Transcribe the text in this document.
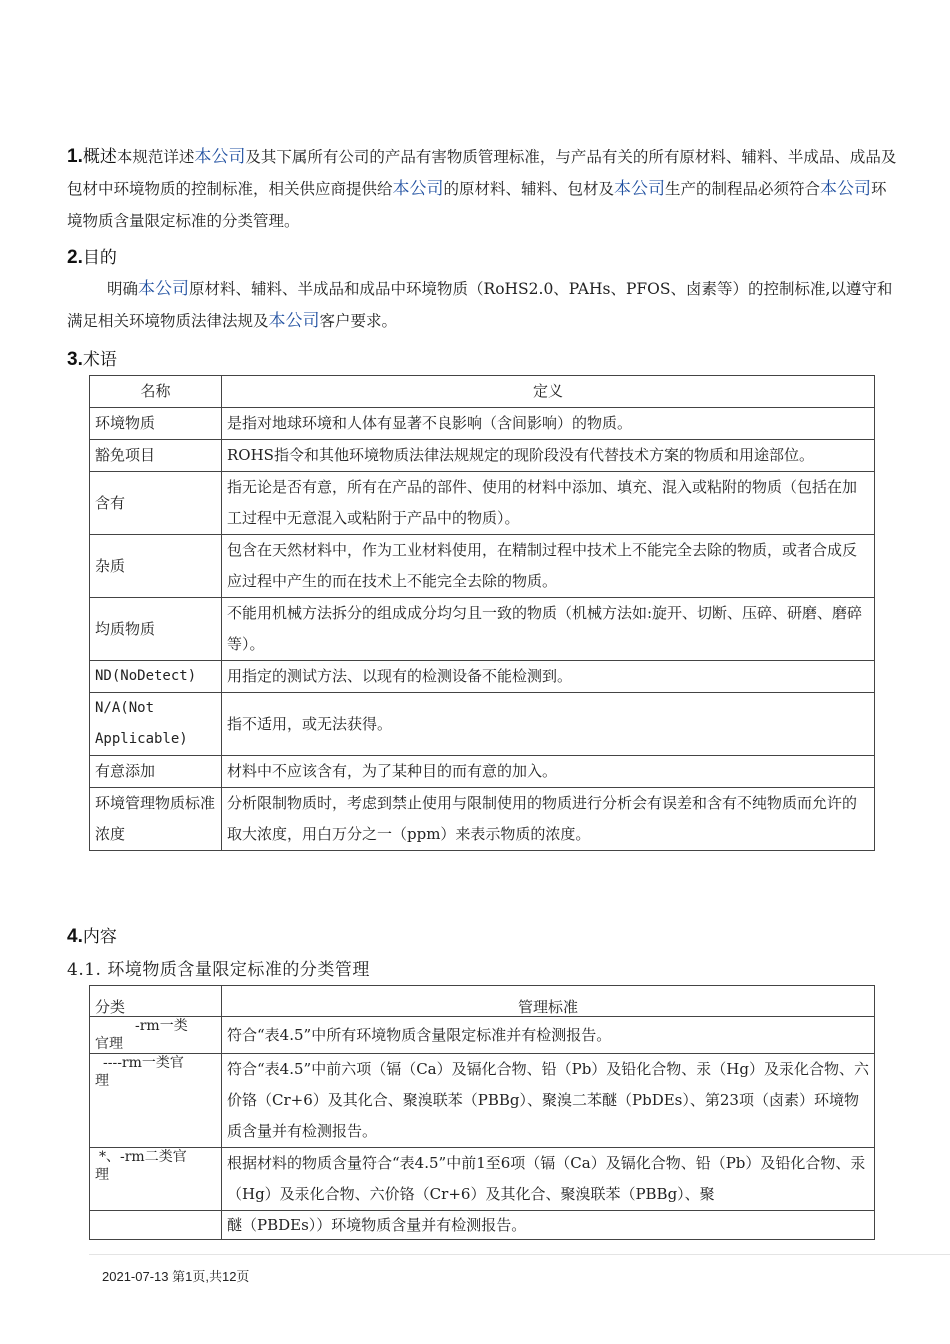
1.概述本规范详述本公司及其下属所有公司的产品有害物质管理标准，与产品有关的所有原材料、辅料、半成品、成品及包材中环境物质的控制标准，相关供应商提供给本公司的原材料、辅料、包材及本公司生产的制程品必须符合本公司环境物质含量限定标准的分类管理。
2.目的
明确本公司原材料、辅料、半成品和成品中环境物质（RoHS2.0、PAHs、PFOS、卤素等）的控制标准,以遵守和满足相关环境物质法律法规及本公司客户要求。
3.术语
名称	定义
环境物质	是指对地球环境和人体有显著不良影响（含间影响）的物质。
豁免项目	ROHS指令和其他环境物质法律法规规定的现阶段没有代替技术方案的物质和用途部位。
含有	指无论是否有意，所有在产品的部件、使用的材料中添加、填充、混入或粘附的物质（包括在加工过程中无意混入或粘附于产品中的物质）。
杂质	包含在天然材料中，作为工业材料使用，在精制过程中技术上不能完全去除的物质，或者合成反应过程中产生的而在技术上不能完全去除的物质。
均质物质	不能用机械方法拆分的组成成分均匀且一致的物质（机械方法如:旋开、切断、压碎、研磨、磨碎等）。
ND(NoDetect)	用指定的测试方法、以现有的检测设备不能检测到。
N/A(Not Applicable)	指不适用，或无法获得。
有意添加	材料中不应该含有，为了某种目的而有意的加入。
环境管理物质标准浓度	分析限制物质时，考虑到禁止使用与限制使用的物质进行分析会有误差和含有不纯物质而允许的取大浓度，用白万分之一（ppm）来表示物质的浓度。
4.内容
4.1. 环境物质含量限定标准的分类管理
分类	管理标准

-rm一类
官理	符合“表4.5”中所有环境物质含量限定标准并有检测报告。

----rm一类官
理	符合“表4.5”中前六项（镉（Ca）及镉化合物、铅（Pb）及铅化合物、汞（Hg）及汞化合物、六价铬（Cr+6）及其化合、聚溴联苯（PBBg）、聚溴二苯醚（PbDEs）、第23项（卤素）环境物质含量并有检测报告。

*、-rm二类官
理	根据材料的物质含量符合“表4.5”中前1至6项（镉（Ca）及镉化合物、铅（Pb）及铅化合物、汞（Hg）及汞化合物、六价铬（Cr+6）及其化合、聚溴联苯（PBBg）、聚
	醚（PBDEs））环境物质含量并有检测报告。
2021-07-13 第1页,共12页
